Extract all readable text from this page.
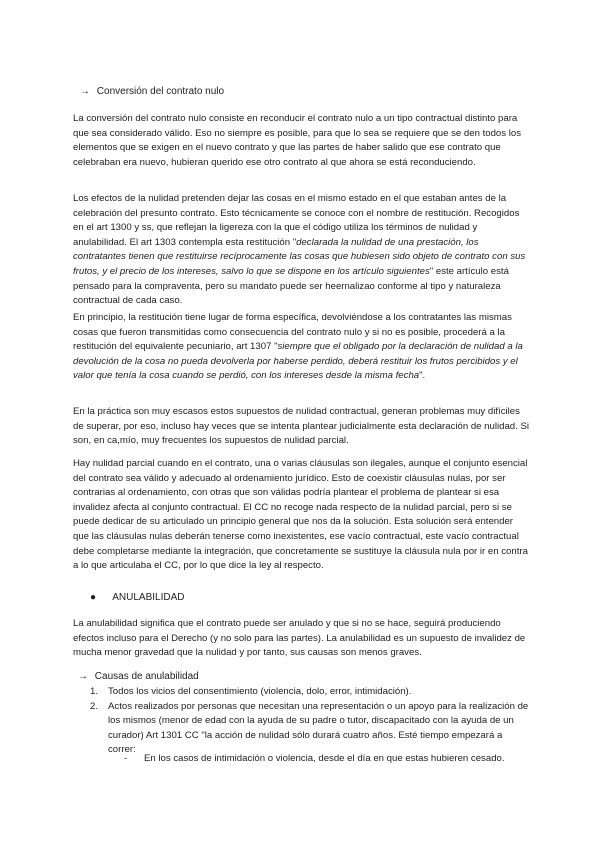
→ Conversión del contrato nulo

La conversión del contrato nulo consiste en reconducir el contrato nulo a un tipo contractual distinto para que sea considerado válido. Eso no siempre es posible, para que lo sea se requiere que se den todos los elementos que se exigen en el nuevo contrato y que las partes de haber salido que ese contrato que celebraban era nuevo, hubieran querido ese otro contrato al que ahora se está reconduciendo.

Los efectos de la nulidad pretenden dejar las cosas en el mismo estado en el que estaban antes de la celebración del presunto contrato. Esto técnicamente se conoce con el nombre de restitución. Recogidos en el art 1300 y ss, que reflejan la ligereza con la que el código utiliza los términos de nulidad y anulabilidad. El art 1303 contempla esta restitución "declarada la nulidad de una prestación, los contratantes tienen que restituirse recíprocamente las cosas que hubiesen sido objeto de contrato con sus frutos, y el precio de los intereses, salvo lo que se dispone en los artículo siguientes" este artículo está pensado para la compraventa, pero su mandato puede ser heernalizao conforme al tipo y naturaleza contractual de cada caso.

En principio, la restitución tiene lugar de forma específica, devolviéndose a los contratantes las mismas cosas que fueron transmitidas como consecuencia del contrato nulo y si no es posible, procederá a la restitución del equivalente pecuniario, art 1307 "siempre que el obligado por la declaración de nulidad a la devolución de la cosa no pueda devolverla por haberse perdido, deberá restituir los frutos percibidos y el valor que tenía la cosa cuando se perdió, con los intereses desde la misma fecha".

En la práctica son muy escasos estos supuestos de nulidad contractual, generan problemas muy difíciles de superar, por eso, incluso hay veces que se intenta plantear judicialmente esta declaración de nulidad. Si son, en ca,mío, muy frecuentes los supuestos de nulidad parcial.

Hay nulidad parcial cuando en el contrato, una o varias cláusulas son ilegales, aunque el conjunto esencial del contrato sea válido y adecuado al ordenamiento jurídico. Esto de coexistir cláusulas nulas, por ser contrarias al ordenamiento, con otras que son válidas podría plantear el problema de plantear si esa invalidez afecta al conjunto contractual. El CC no recoge nada respecto de la nulidad parcial, pero si se puede dedicar de su articulado un principio general que nos da la solución. Esta solución será entender que las cláusulas nulas deberán tenerse como inexistentes, ese vacío contractual, este vacío contractual debe completarse mediante la integración, que concretamente se sustituye la cláusula nula por ir en contra a lo que articulaba el CC, por lo que dice la ley al respecto.

● ANULABILIDAD

La anulabilidad significa que el contrato puede ser anulado y que si no se hace, seguirá produciendo efectos incluso para el Derecho (y no solo para las partes). La anulabilidad es un supuesto de invalidez de mucha menor gravedad que la nulidad y por tanto, sus causas son menos graves.

→ Causas de anulabilidad
1. Todos los vicios del consentimiento (violencia, dolo, error, intimidación).
2. Actos realizados por personas que necesitan una representación o un apoyo para la realización de los mismos (menor de edad con la ayuda de su padre o tutor, discapacitado con la ayuda de un curador) Art 1301 CC "la acción de nulidad sólo durará cuatro años. Esté tiempo empezará a correr:
-	En los casos de intimidación o violencia, desde el día en que estas hubieren cesado.
